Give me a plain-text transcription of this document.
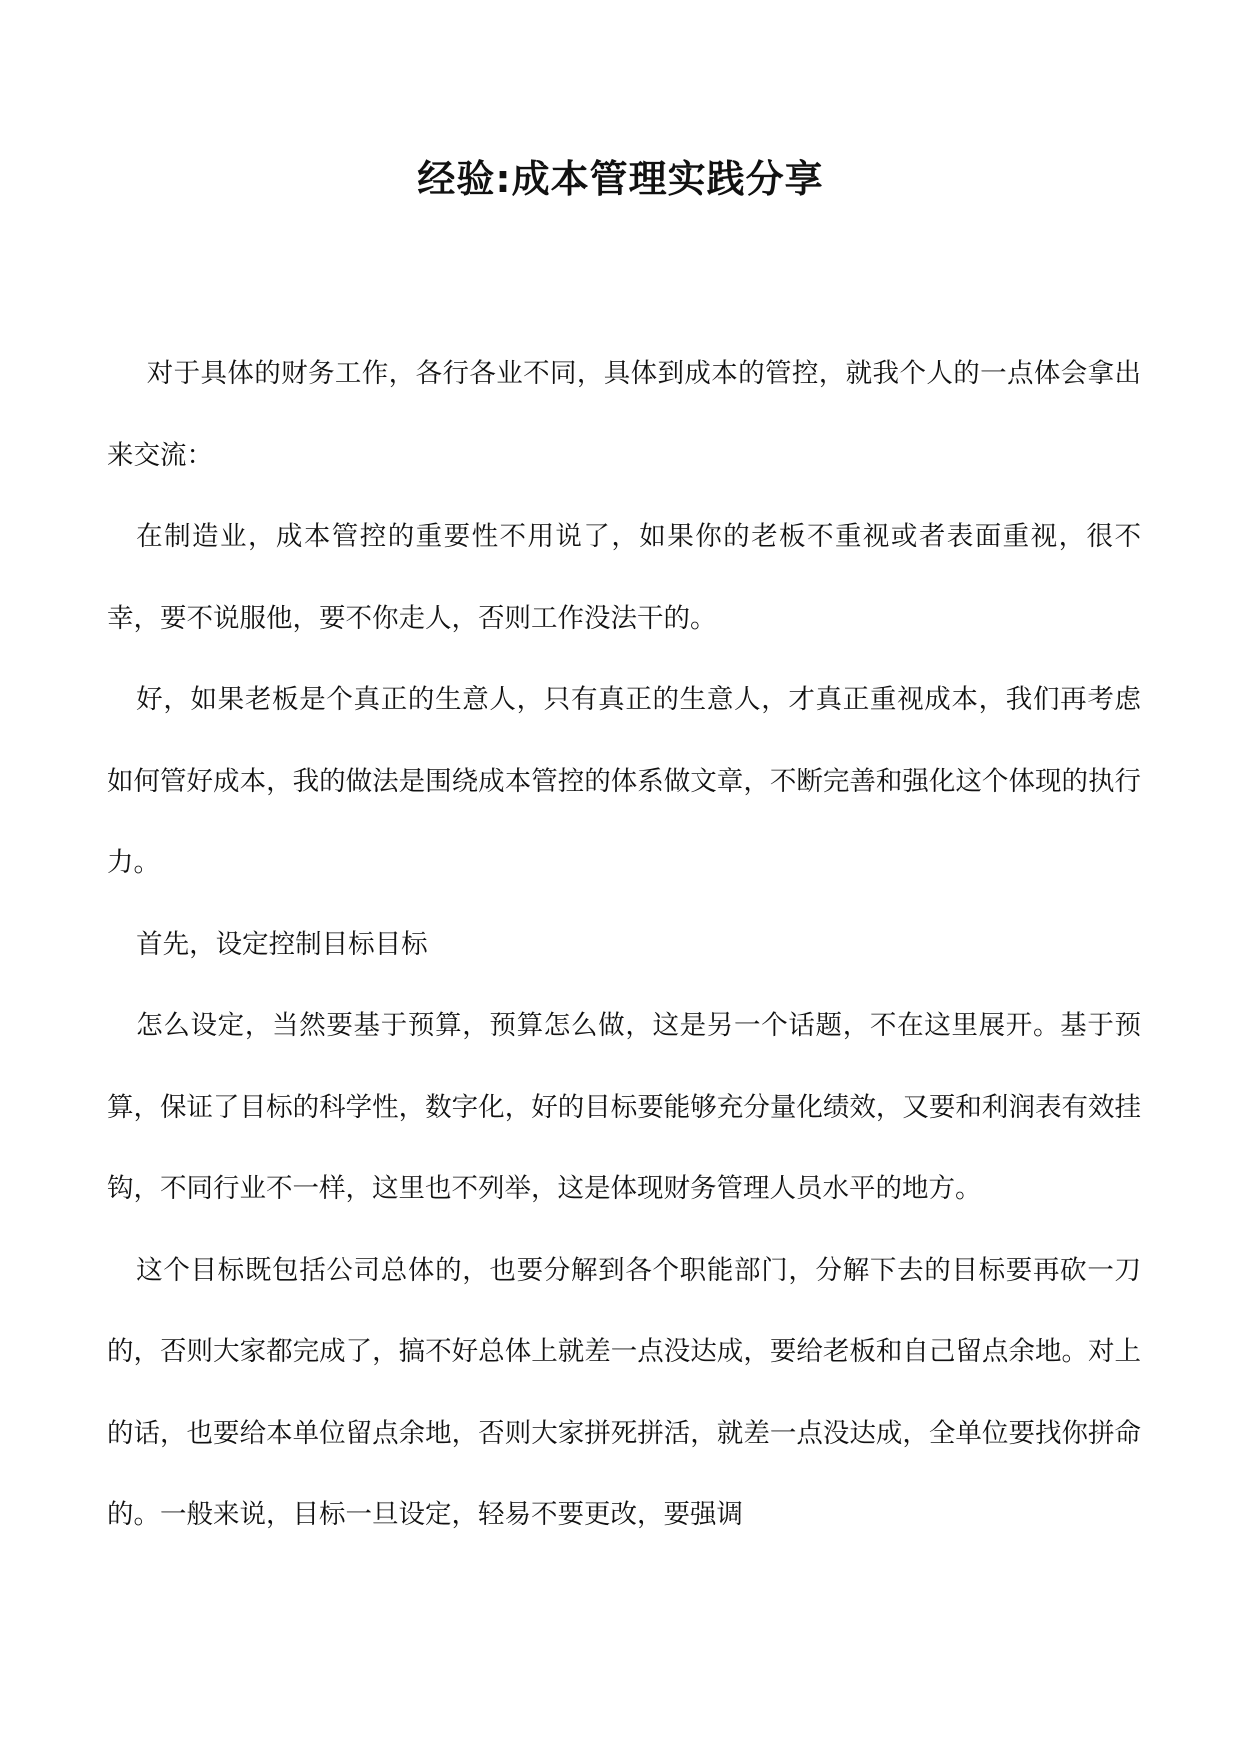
经验:成本管理实践分享

对于具体的财务工作，各行各业不同，具体到成本的管控，就我个人的一点体会拿出来交流：

在制造业，成本管控的重要性不用说了，如果你的老板不重视或者表面重视，很不幸，要不说服他，要不你走人，否则工作没法干的。

好，如果老板是个真正的生意人，只有真正的生意人，才真正重视成本，我们再考虑如何管好成本，我的做法是围绕成本管控的体系做文章，不断完善和强化这个体现的执行力。

首先，设定控制目标目标

怎么设定，当然要基于预算，预算怎么做，这是另一个话题，不在这里展开。基于预算，保证了目标的科学性，数字化，好的目标要能够充分量化绩效，又要和利润表有效挂钩，不同行业不一样，这里也不列举，这是体现财务管理人员水平的地方。

这个目标既包括公司总体的，也要分解到各个职能部门，分解下去的目标要再砍一刀的，否则大家都完成了，搞不好总体上就差一点没达成，要给老板和自己留点余地。对上的话，也要给本单位留点余地，否则大家拼死拼活，就差一点没达成，全单位要找你拼命的。一般来说，目标一旦设定，轻易不要更改，要强调
